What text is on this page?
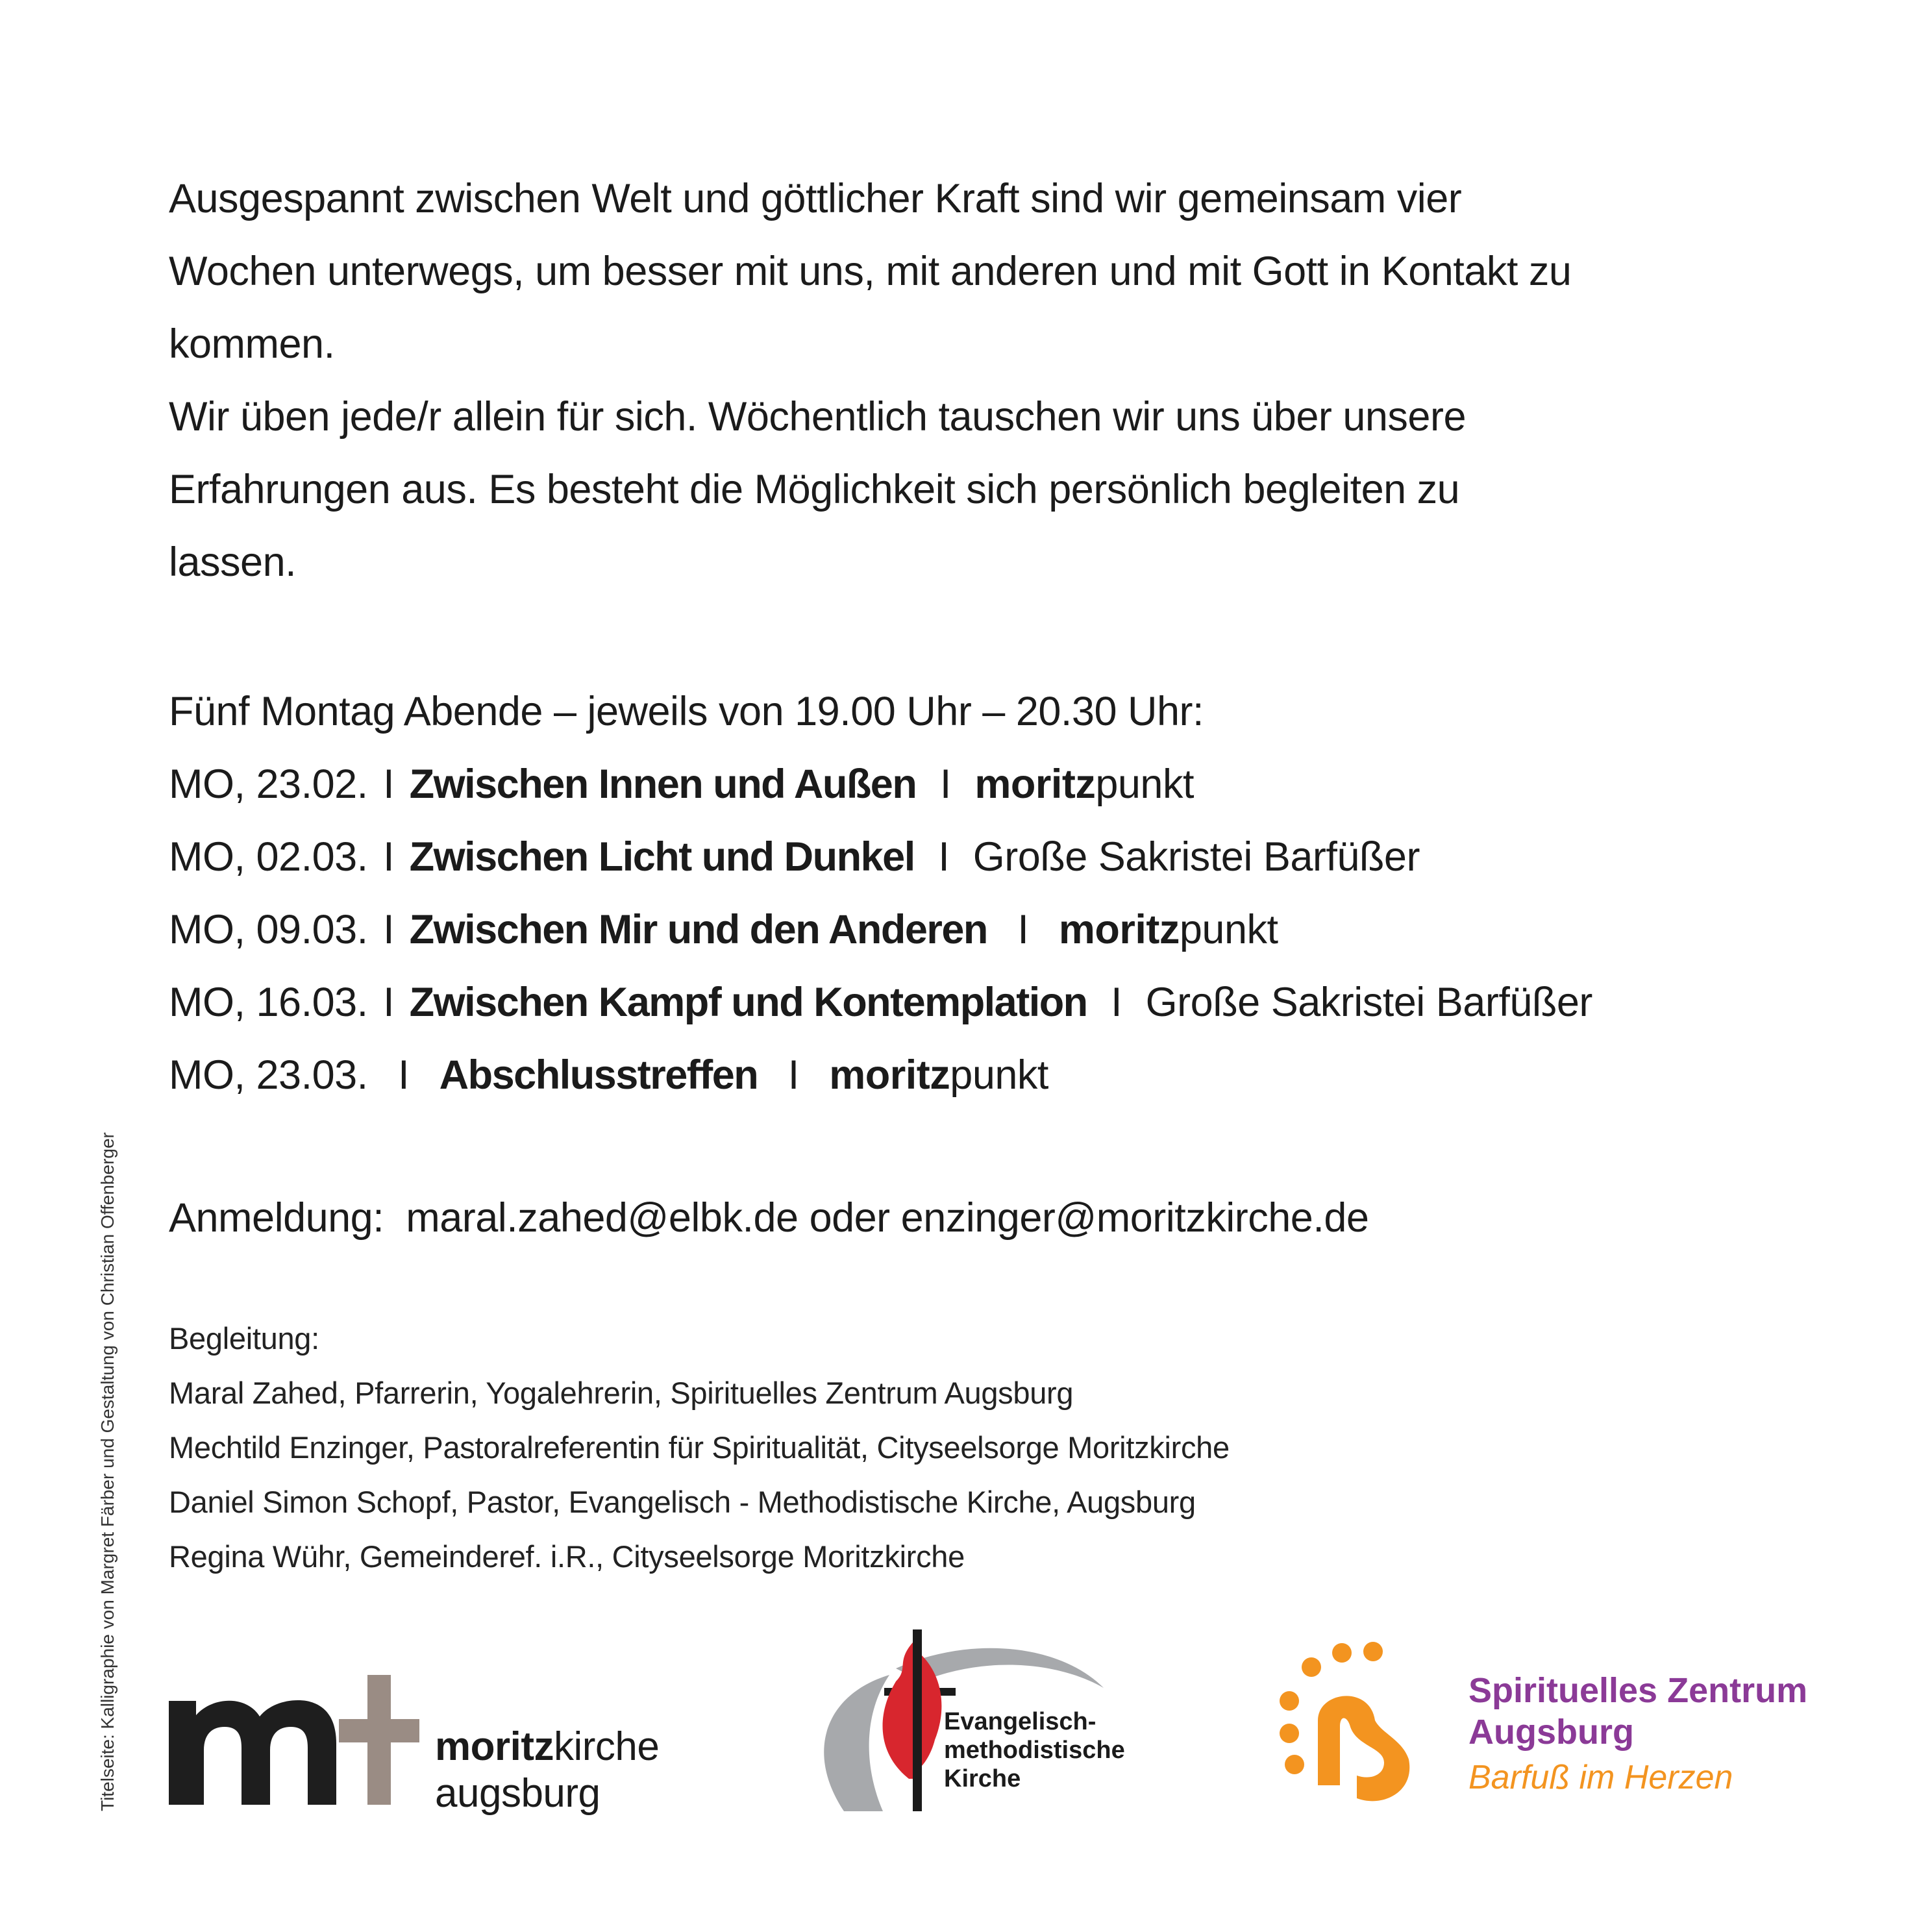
Ausgespannt zwischen Welt und göttlicher Kraft sind wir gemeinsam vier
Wochen unterwegs, um besser mit uns, mit anderen und mit Gott in Kontakt zu
kommen.
Wir üben jede/r allein für sich. Wöchentlich tauschen wir uns über unsere
Erfahrungen aus. Es besteht die Möglichkeit sich persönlich begleiten zu
lassen.
Fünf Montag Abende – jeweils von 19.00 Uhr – 20.30 Uhr:
MO, 23.02. I Zwischen Innen und Außen I moritzpunkt
MO, 02.03. I Zwischen Licht und Dunkel I Große Sakristei Barfüßer
MO, 09.03. I Zwischen Mir und den Anderen I moritzpunkt
MO, 16.03. I Zwischen Kampf und Kontemplation I Große Sakristei Barfüßer
MO, 23.03. I Abschlusstreffen I moritzpunkt
Anmeldung: maral.zahed@elbk.de oder enzinger@moritzkirche.de
Begleitung:
Maral Zahed, Pfarrerin, Yogalehrerin, Spirituelles Zentrum Augsburg
Mechtild Enzinger, Pastoralreferentin für Spiritualität, Cityseelsorge Moritzkirche
Daniel Simon Schopf, Pastor, Evangelisch - Methodistische Kirche, Augsburg
Regina Wühr, Gemeinderef. i.R., Cityseelsorge Moritzkirche
Titelseite: Kalligraphie von Margret Färber und Gestaltung von Christian Offenberger	moritzkirche
augsburg
Evangelisch-
methodistische
Kirche
Spirituelles Zentrum
Augsburg
Barfuß im Herzen
